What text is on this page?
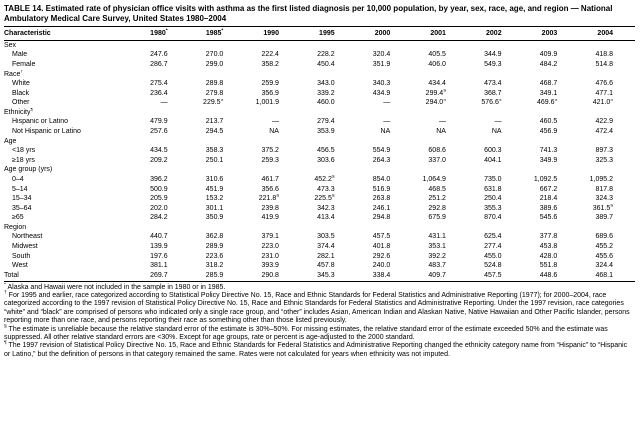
TABLE 14. Estimated rate of physician office visits with asthma as the first listed diagnosis per 10,000 population, by year, sex, race, age, and region — National Ambulatory Medical Care Survey, United States 1980–2004
Characteristic	1980*	1985*	1990	1995	2000	2001	2002	2003	2004
Sex									
Male	247.6	270.0	222.4	228.2	320.4	405.5	344.9	409.9	418.8
Female	286.7	299.0	358.2	450.4	351.9	406.0	549.3	484.2	514.8
Race†	
White	275.4	289.8	259.9	343.0	340.3	434.4	473.4	468.7	476.6
Black	236.4	279.8	356.9	339.2	434.9	299.4§	368.7	349.1	477.1
Other	—	229.5§	1,001.9	460.0	—	294.0§	576.6§	469.6§	421.0§
Ethnicity¶	
Hispanic or Latino	479.9	213.7	—	279.4	—	—	—	460.5	422.9
Not Hispanic or Latino	257.6	294.5	NA	353.9	NA	NA	NA	456.9	472.4
Age									
<18 yrs	434.5	358.3	375.2	456.5	554.9	608.6	600.3	741.3	897.3
≥18 yrs	209.2	250.1	259.3	303.6	264.3	337.0	404.1	349.9	325.3
Age group (yrs)									
0–4	396.2	310.6	461.7	452.2§	854.0	1,064.9	735.0	1,092.5	1,095.2
5–14	500.9	451.9	356.6	473.3	516.9	468.5	631.8	667.2	817.8
15–34	205.9	153.2	221.8§	225.5§	263.8	251.2	250.4	218.4	324.3
35–64	202.0	301.1	239.8	342.3	246.1	292.8	355.3	389.6	361.5§
≥65	284.2	350.9	419.9	413.4	294.8	675.9	870.4	545.6	389.7
Region									
Northeast	440.7	362.8	379.1	303.5	457.5	431.1	625.4	377.8	689.6
Midwest	139.9	289.9	223.0	374.4	401.8	353.1	277.4	453.8	455.2
South	197.6	223.6	231.0	282.1	292.6	392.2	455.0	428.0	455.6
West	381.1	318.2	393.9	457.8	240.0	483.7	524.8	551.8	324.4
Total	269.7	285.9	290.8	345.3	338.4	409.7	457.5	448.6	468.1
* Alaska and Hawaii were not included in the sample in 1980 or in 1985.
† For 1995 and earlier, race categorized according to Statistical Policy Directive No. 15, Race and Ethnic Standards for Federal Statistics and Administrative Reporting (1977); for 2000–2004, race categorized according to the 1997 revision of Statistical Policy Directive No. 15, Race and Ethnic Standards for Federal Statistics and Administrative Reporting. Under the 1997 revision, race categories “white” and “black” are comprised of persons who indicated only a single race group, and “other” includes Asian, American Indian and Alaskan Native, Native Hawaiian and Other Pacific Islander, persons reporting more than one race, and persons reporting their race as something other than those listed previously.
§ The estimate is unreliable because the relative standard error of the estimate is 30%–50%. For missing estimates, the relative standard error of the estimate exceeded 50% and the estimate was suppressed. All other relative standard errors are <30%. Except for age groups, rate or percent is age-adjusted to the 2000 standard.
¶ The 1997 revision of Statistical Policy Directive No. 15, Race and Ethnic Standards for Federal Statistics and Administrative Reporting changed the ethnicity category name from “Hispanic” to “Hispanic or Latino,” but the definition of persons in that category remained the same. Rates were not calculated for years when ethnicity was not imputed.
